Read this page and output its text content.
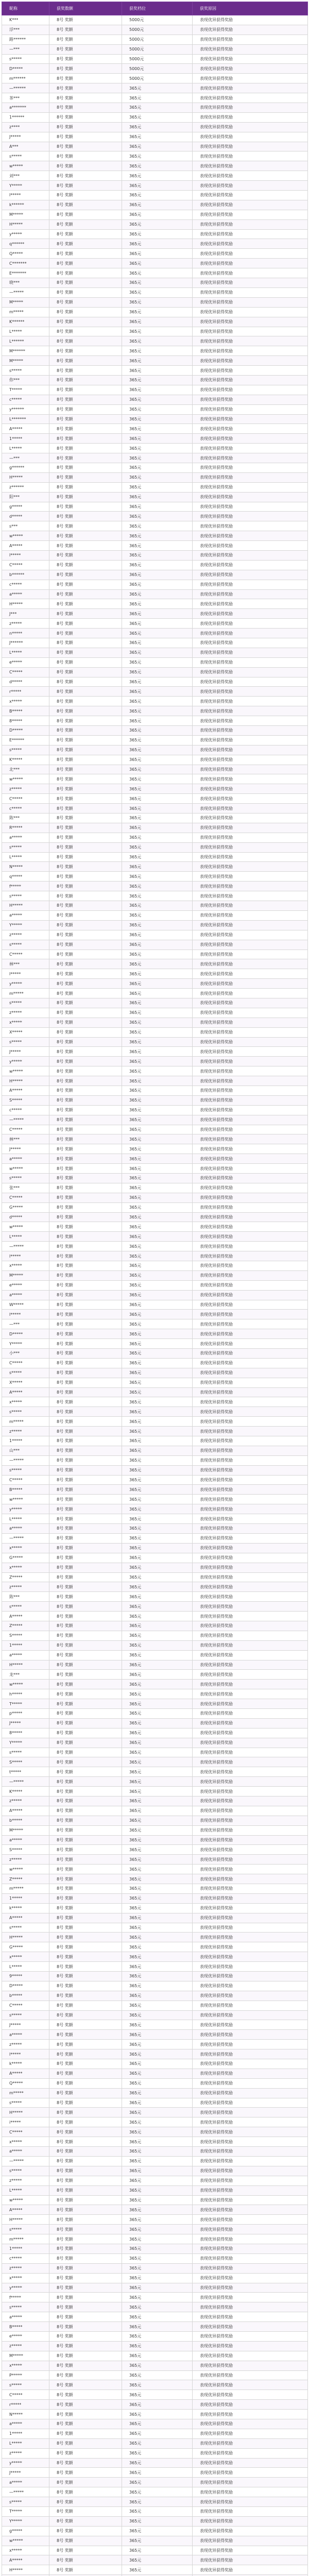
昵称	获奖数额	获奖档位	获奖原因
K***	8号 奖额	5000元	表现优异获得奖励
浮***	8号 奖额	5000元	表现优异获得奖励
路******	8号 奖额	5000元	表现优异获得奖励
—***	8号 奖额	5000元	表现优异获得奖励
s*****	8号 奖额	5000元	表现优异获得奖励
D*****	8号 奖额	5000元	表现优异获得奖励
m******	8号 奖额	5000元	表现优异获得奖励
—******	8号 奖额	365元	表现优异获得奖励
茶***	8号 奖额	365元	表现优异获得奖励
a*******	8号 奖额	365元	表现优异获得奖励
1******	8号 奖额	365元	表现优异获得奖励
z****	8号 奖额	365元	表现优异获得奖励
J*****	8号 奖额	365元	表现优异获得奖励
A***	8号 奖额	365元	表现优异获得奖励
s*****	8号 奖额	365元	表现优异获得奖励
w*****	8号 奖额	365元	表现优异获得奖励
刘***	8号 奖额	365元	表现优异获得奖励
Y*****	8号 奖额	365元	表现优异获得奖励
l*****	8号 奖额	365元	表现优异获得奖励
k******	8号 奖额	365元	表现优异获得奖励
M*****	8号 奖额	365元	表现优异获得奖励
H*****	8号 奖额	365元	表现优异获得奖励
y*****	8号 奖额	365元	表现优异获得奖励
q******	8号 奖额	365元	表现优异获得奖励
Q*****	8号 奖额	365元	表现优异获得奖励
C*******	8号 奖额	365元	表现优异获得奖励
E*******	8号 奖额	365元	表现优异获得奖励
晓***	8号 奖额	365元	表现优异获得奖励
—*****	8号 奖额	365元	表现优异获得奖励
M*****	8号 奖额	365元	表现优异获得奖励
m*****	8号 奖额	365元	表现优异获得奖励
K******	8号 奖额	365元	表现优异获得奖励
L*****	8号 奖额	365元	表现优异获得奖励
L******	8号 奖额	365元	表现优异获得奖励
M******	8号 奖额	365元	表现优异获得奖励
M*****	8号 奖额	365元	表现优异获得奖励
s*****	8号 奖额	365元	表现优异获得奖励
你***	8号 奖额	365元	表现优异获得奖励
T*****	8号 奖额	365元	表现优异获得奖励
c*****	8号 奖额	365元	表现优异获得奖励
y******	8号 奖额	365元	表现优异获得奖励
L*******	8号 奖额	365元	表现优异获得奖励
A*****	8号 奖额	365元	表现优异获得奖励
1*****	8号 奖额	365元	表现优异获得奖励
L*****	8号 奖额	365元	表现优异获得奖励
—***	8号 奖额	365元	表现优异获得奖励
g******	8号 奖额	365元	表现优异获得奖励
H*****	8号 奖额	365元	表现优异获得奖励
z******	8号 奖额	365元	表现优异获得奖励
阳***	8号 奖额	365元	表现优异获得奖励
g*****	8号 奖额	365元	表现优异获得奖励
d*****	8号 奖额	365元	表现优异获得奖励
s***	8号 奖额	365元	表现优异获得奖励
w*****	8号 奖额	365元	表现优异获得奖励
A*****	8号 奖额	365元	表现优异获得奖励
l*****	8号 奖额	365元	表现优异获得奖励
C*****	8号 奖额	365元	表现优异获得奖励
b******	8号 奖额	365元	表现优异获得奖励
c*****	8号 奖额	365元	表现优异获得奖励
a*****	8号 奖额	365元	表现优异获得奖励
H*****	8号 奖额	365元	表现优异获得奖励
J***	8号 奖额	365元	表现优异获得奖励
z*****	8号 奖额	365元	表现优异获得奖励
n*****	8号 奖额	365元	表现优异获得奖励
J******	8号 奖额	365元	表现优异获得奖励
L*****	8号 奖额	365元	表现优异获得奖励
e*****	8号 奖额	365元	表现优异获得奖励
C*****	8号 奖额	365元	表现优异获得奖励
d*****	8号 奖额	365元	表现优异获得奖励
r*****	8号 奖额	365元	表现优异获得奖励
x*****	8号 奖额	365元	表现优异获得奖励
B*****	8号 奖额	365元	表现优异获得奖励
8*****	8号 奖额	365元	表现优异获得奖励
D*****	8号 奖额	365元	表现优异获得奖励
E******	8号 奖额	365元	表现优异获得奖励
s*****	8号 奖额	365元	表现优异获得奖励
K*****	8号 奖额	365元	表现优异获得奖励
北***	8号 奖额	365元	表现优异获得奖励
w*****	8号 奖额	365元	表现优异获得奖励
z*****	8号 奖额	365元	表现优异获得奖励
C*****	8号 奖额	365元	表现优异获得奖励
c*****	8号 奖额	365元	表现优异获得奖励
陈***	8号 奖额	365元	表现优异获得奖励
R*****	8号 奖额	365元	表现优异获得奖励
a*****	8号 奖额	365元	表现优异获得奖励
s*****	8号 奖额	365元	表现优异获得奖励
L*****	8号 奖额	365元	表现优异获得奖励
N*****	8号 奖额	365元	表现优异获得奖励
q*****	8号 奖额	365元	表现优异获得奖励
f*****	8号 奖额	365元	表现优异获得奖励
s*****	8号 奖额	365元	表现优异获得奖励
H*****	8号 奖额	365元	表现优异获得奖励
a*****	8号 奖额	365元	表现优异获得奖励
Y*****	8号 奖额	365元	表现优异获得奖励
z*****	8号 奖额	365元	表现优异获得奖励
s*****	8号 奖额	365元	表现优异获得奖励
C*****	8号 奖额	365元	表现优异获得奖励
林***	8号 奖额	365元	表现优异获得奖励
l*****	8号 奖额	365元	表现优异获得奖励
y*****	8号 奖额	365元	表现优异获得奖励
m*****	8号 奖额	365元	表现优异获得奖励
s*****	8号 奖额	365元	表现优异获得奖励
z*****	8号 奖额	365元	表现优异获得奖励
x*****	8号 奖额	365元	表现优异获得奖励
X*****	8号 奖额	365元	表现优异获得奖励
s*****	8号 奖额	365元	表现优异获得奖励
J*****	8号 奖额	365元	表现优异获得奖励
y*****	8号 奖额	365元	表现优异获得奖励
w*****	8号 奖额	365元	表现优异获得奖励
H*****	8号 奖额	365元	表现优异获得奖励
A*****	8号 奖额	365元	表现优异获得奖励
S*****	8号 奖额	365元	表现优异获得奖励
c*****	8号 奖额	365元	表现优异获得奖励
—*****	8号 奖额	365元	表现优异获得奖励
C*****	8号 奖额	365元	表现优异获得奖励
林***	8号 奖额	365元	表现优异获得奖励
J*****	8号 奖额	365元	表现优异获得奖励
a*****	8号 奖额	365元	表现优异获得奖励
w*****	8号 奖额	365元	表现优异获得奖励
s*****	8号 奖额	365元	表现优异获得奖励
张***	8号 奖额	365元	表现优异获得奖励
C*****	8号 奖额	365元	表现优异获得奖励
G*****	8号 奖额	365元	表现优异获得奖励
d*****	8号 奖额	365元	表现优异获得奖励
w*****	8号 奖额	365元	表现优异获得奖励
L*****	8号 奖额	365元	表现优异获得奖励
—*****	8号 奖额	365元	表现优异获得奖励
l*****	8号 奖额	365元	表现优异获得奖励
x*****	8号 奖额	365元	表现优异获得奖励
M*****	8号 奖额	365元	表现优异获得奖励
e*****	8号 奖额	365元	表现优异获得奖励
a*****	8号 奖额	365元	表现优异获得奖励
W*****	8号 奖额	365元	表现优异获得奖励
l*****	8号 奖额	365元	表现优异获得奖励
—***	8号 奖额	365元	表现优异获得奖励
D*****	8号 奖额	365元	表现优异获得奖励
Y*****	8号 奖额	365元	表现优异获得奖励
小***	8号 奖额	365元	表现优异获得奖励
C*****	8号 奖额	365元	表现优异获得奖励
s*****	8号 奖额	365元	表现优异获得奖励
X*****	8号 奖额	365元	表现优异获得奖励
A*****	8号 奖额	365元	表现优异获得奖励
x*****	8号 奖额	365元	表现优异获得奖励
s*****	8号 奖额	365元	表现优异获得奖励
m*****	8号 奖额	365元	表现优异获得奖励
z*****	8号 奖额	365元	表现优异获得奖励
1*****	8号 奖额	365元	表现优异获得奖励
山***	8号 奖额	365元	表现优异获得奖励
—*****	8号 奖额	365元	表现优异获得奖励
s*****	8号 奖额	365元	表现优异获得奖励
C*****	8号 奖额	365元	表现优异获得奖励
B*****	8号 奖额	365元	表现优异获得奖励
w*****	8号 奖额	365元	表现优异获得奖励
y*****	8号 奖额	365元	表现优异获得奖励
L*****	8号 奖额	365元	表现优异获得奖励
a*****	8号 奖额	365元	表现优异获得奖励
—*****	8号 奖额	365元	表现优异获得奖励
x*****	8号 奖额	365元	表现优异获得奖励
G*****	8号 奖额	365元	表现优异获得奖励
x*****	8号 奖额	365元	表现优异获得奖励
Z*****	8号 奖额	365元	表现优异获得奖励
z*****	8号 奖额	365元	表现优异获得奖励
陈***	8号 奖额	365元	表现优异获得奖励
s*****	8号 奖额	365元	表现优异获得奖励
A*****	8号 奖额	365元	表现优异获得奖励
Z*****	8号 奖额	365元	表现优异获得奖励
S*****	8号 奖额	365元	表现优异获得奖励
1*****	8号 奖额	365元	表现优异获得奖励
a*****	8号 奖额	365元	表现优异获得奖励
H*****	8号 奖额	365元	表现优异获得奖励
龙***	8号 奖额	365元	表现优异获得奖励
w*****	8号 奖额	365元	表现优异获得奖励
h*****	8号 奖额	365元	表现优异获得奖励
T*****	8号 奖额	365元	表现优异获得奖励
p*****	8号 奖额	365元	表现优异获得奖励
J*****	8号 奖额	365元	表现优异获得奖励
8*****	8号 奖额	365元	表现优异获得奖励
Y*****	8号 奖额	365元	表现优异获得奖励
s*****	8号 奖额	365元	表现优异获得奖励
S*****	8号 奖额	365元	表现优异获得奖励
t*****	8号 奖额	365元	表现优异获得奖励
—*****	8号 奖额	365元	表现优异获得奖励
K*****	8号 奖额	365元	表现优异获得奖励
z*****	8号 奖额	365元	表现优异获得奖励
A*****	8号 奖额	365元	表现优异获得奖励
b*****	8号 奖额	365元	表现优异获得奖励
M*****	8号 奖额	365元	表现优异获得奖励
a*****	8号 奖额	365元	表现优异获得奖励
S*****	8号 奖额	365元	表现优异获得奖励
z*****	8号 奖额	365元	表现优异获得奖励
w*****	8号 奖额	365元	表现优异获得奖励
Z*****	8号 奖额	365元	表现优异获得奖励
m*****	8号 奖额	365元	表现优异获得奖励
1*****	8号 奖额	365元	表现优异获得奖励
k*****	8号 奖额	365元	表现优异获得奖励
A*****	8号 奖额	365元	表现优异获得奖励
s*****	8号 奖额	365元	表现优异获得奖励
H*****	8号 奖额	365元	表现优异获得奖励
G*****	8号 奖额	365元	表现优异获得奖励
x*****	8号 奖额	365元	表现优异获得奖励
L*****	8号 奖额	365元	表现优异获得奖励
9*****	8号 奖额	365元	表现优异获得奖励
D*****	8号 奖额	365元	表现优异获得奖励
b*****	8号 奖额	365元	表现优异获得奖励
C*****	8号 奖额	365元	表现优异获得奖励
s*****	8号 奖额	365元	表现优异获得奖励
J*****	8号 奖额	365元	表现优异获得奖励
a*****	8号 奖额	365元	表现优异获得奖励
z*****	8号 奖额	365元	表现优异获得奖励
l*****	8号 奖额	365元	表现优异获得奖励
k*****	8号 奖额	365元	表现优异获得奖励
A*****	8号 奖额	365元	表现优异获得奖励
Q*****	8号 奖额	365元	表现优异获得奖励
m*****	8号 奖额	365元	表现优异获得奖励
s*****	8号 奖额	365元	表现优异获得奖励
H*****	8号 奖额	365元	表现优异获得奖励
i*****	8号 奖额	365元	表现优异获得奖励
C*****	8号 奖额	365元	表现优异获得奖励
x*****	8号 奖额	365元	表现优异获得奖励
a*****	8号 奖额	365元	表现优异获得奖励
—*****	8号 奖额	365元	表现优异获得奖励
s*****	8号 奖额	365元	表现优异获得奖励
z*****	8号 奖额	365元	表现优异获得奖励
L*****	8号 奖额	365元	表现优异获得奖励
w*****	8号 奖额	365元	表现优异获得奖励
A*****	8号 奖额	365元	表现优异获得奖励
H*****	8号 奖额	365元	表现优异获得奖励
s*****	8号 奖额	365元	表现优异获得奖励
m*****	8号 奖额	365元	表现优异获得奖励
1*****	8号 奖额	365元	表现优异获得奖励
c*****	8号 奖额	365元	表现优异获得奖励
z*****	8号 奖额	365元	表现优异获得奖励
x*****	8号 奖额	365元	表现优异获得奖励
y*****	8号 奖额	365元	表现优异获得奖励
f*****	8号 奖额	365元	表现优异获得奖励
s*****	8号 奖额	365元	表现优异获得奖励
a*****	8号 奖额	365元	表现优异获得奖励
B*****	8号 奖额	365元	表现优异获得奖励
e*****	8号 奖额	365元	表现优异获得奖励
z*****	8号 奖额	365元	表现优异获得奖励
M*****	8号 奖额	365元	表现优异获得奖励
x*****	8号 奖额	365元	表现优异获得奖励
P*****	8号 奖额	365元	表现优异获得奖励
s*****	8号 奖额	365元	表现优异获得奖励
C*****	8号 奖额	365元	表现优异获得奖励
r*****	8号 奖额	365元	表现优异获得奖励
N*****	8号 奖额	365元	表现优异获得奖励
a*****	8号 奖额	365元	表现优异获得奖励
1*****	8号 奖额	365元	表现优异获得奖励
L*****	8号 奖额	365元	表现优异获得奖励
z*****	8号 奖额	365元	表现优异获得奖励
y*****	8号 奖额	365元	表现优异获得奖励
J*****	8号 奖额	365元	表现优异获得奖励
a*****	8号 奖额	365元	表现优异获得奖励
—*****	8号 奖额	365元	表现优异获得奖励
s*****	8号 奖额	365元	表现优异获得奖励
T*****	8号 奖额	365元	表现优异获得奖励
Y*****	8号 奖额	365元	表现优异获得奖励
g*****	8号 奖额	365元	表现优异获得奖励
w*****	8号 奖额	365元	表现优异获得奖励
x*****	8号 奖额	365元	表现优异获得奖励
A*****	8号 奖额	365元	表现优异获得奖励
H*****	8号 奖额	365元	表现优异获得奖励
